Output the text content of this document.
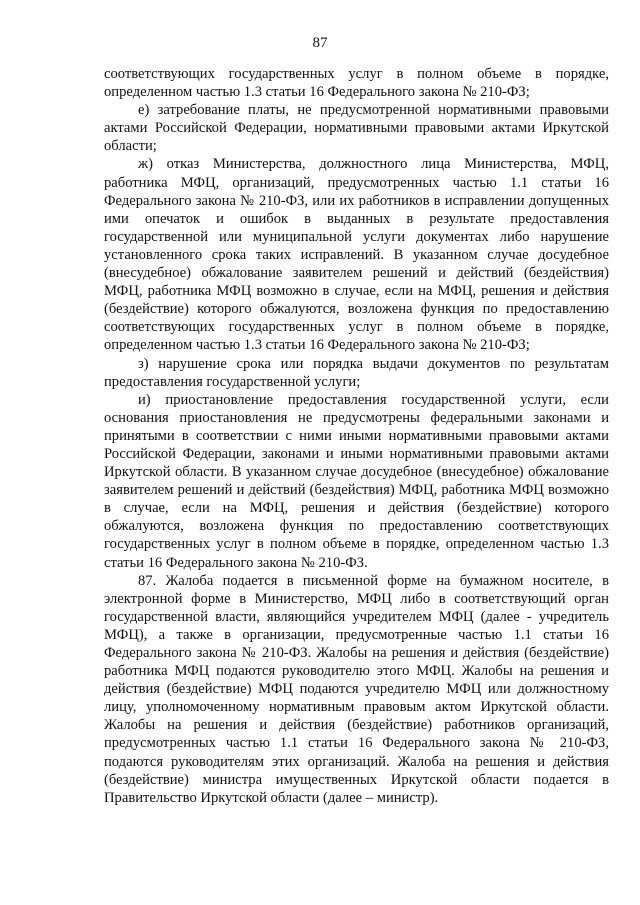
87

соответствующих государственных услуг в полном объеме в порядке, определенном частью 1.3 статьи 16 Федерального закона № 210-ФЗ;

е) затребование платы, не предусмотренной нормативными правовыми актами Российской Федерации, нормативными правовыми актами Иркутской области;

ж) отказ Министерства, должностного лица Министерства, МФЦ, работника МФЦ, организаций, предусмотренных частью 1.1 статьи 16 Федерального закона № 210-ФЗ, или их работников в исправлении допущенных ими опечаток и ошибок в выданных в результате предоставления государственной или муниципальной услуги документах либо нарушение установленного срока таких исправлений. В указанном случае досудебное (внесудебное) обжалование заявителем решений и действий (бездействия) МФЦ, работника МФЦ возможно в случае, если на МФЦ, решения и действия (бездействие) которого обжалуются, возложена функция по предоставлению соответствующих государственных услуг в полном объеме в порядке, определенном частью 1.3 статьи 16 Федерального закона № 210-ФЗ;

з) нарушение срока или порядка выдачи документов по результатам предоставления государственной услуги;

и) приостановление предоставления государственной услуги, если основания приостановления не предусмотрены федеральными законами и принятыми в соответствии с ними иными нормативными правовыми актами Российской Федерации, законами и иными нормативными правовыми актами Иркутской области. В указанном случае досудебное (внесудебное) обжалование заявителем решений и действий (бездействия) МФЦ, работника МФЦ возможно в случае, если на МФЦ, решения и действия (бездействие) которого обжалуются, возложена функция по предоставлению соответствующих государственных услуг в полном объеме в порядке, определенном частью 1.3 статьи 16 Федерального закона № 210-ФЗ.

87. Жалоба подается в письменной форме на бумажном носителе, в электронной форме в Министерство, МФЦ либо в соответствующий орган государственной власти, являющийся учредителем МФЦ (далее - учредитель МФЦ), а также в организации, предусмотренные частью 1.1 статьи 16 Федерального закона № 210-ФЗ. Жалобы на решения и действия (бездействие) работника МФЦ подаются руководителю этого МФЦ. Жалобы на решения и действия (бездействие) МФЦ подаются учредителю МФЦ или должностному лицу, уполномоченному нормативным правовым актом Иркутской области. Жалобы на решения и действия (бездействие) работников организаций, предусмотренных частью 1.1 статьи 16 Федерального закона № 210-ФЗ, подаются руководителям этих организаций. Жалоба на решения и действия (бездействие) министра имущественных Иркутской области подается в Правительство Иркутской области (далее – министр).
